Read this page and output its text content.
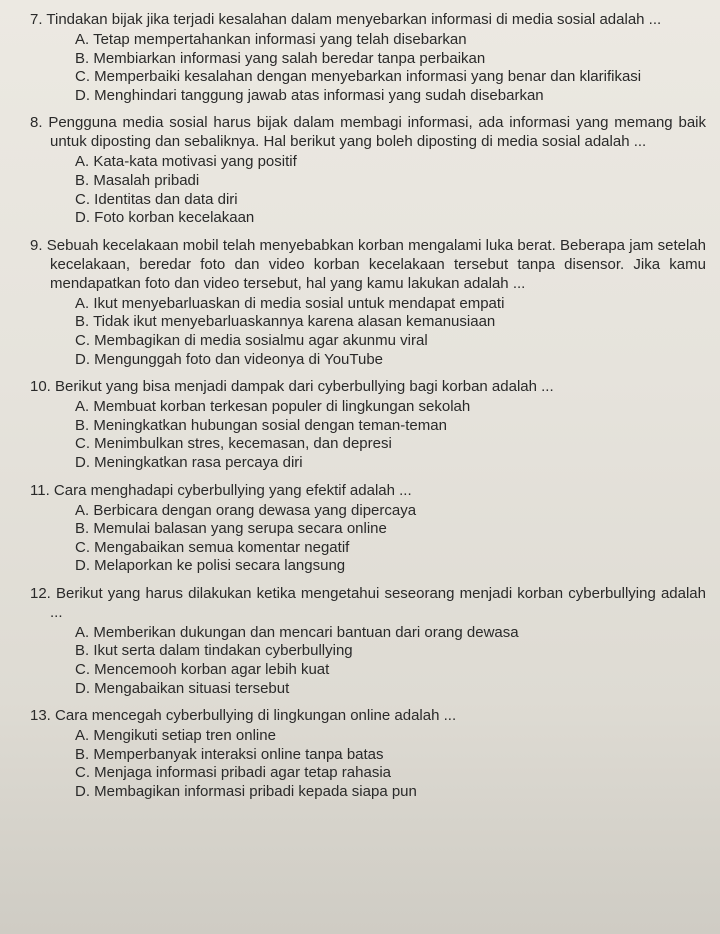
7. Tindakan bijak jika terjadi kesalahan dalam menyebarkan informasi di media sosial adalah ...
A. Tetap mempertahankan informasi yang telah disebarkan
B. Membiarkan informasi yang salah beredar tanpa perbaikan
C. Memperbaiki kesalahan dengan menyebarkan informasi yang benar dan klarifikasi
D. Menghindari tanggung jawab atas informasi yang sudah disebarkan
8. Pengguna media sosial harus bijak dalam membagi informasi, ada informasi yang memang baik untuk diposting dan sebaliknya. Hal berikut yang boleh diposting di media sosial adalah ...
A. Kata-kata motivasi yang positif
B. Masalah pribadi
C. Identitas dan data diri
D. Foto korban kecelakaan
9. Sebuah kecelakaan mobil telah menyebabkan korban mengalami luka berat. Beberapa jam setelah kecelakaan, beredar foto dan video korban kecelakaan tersebut tanpa disensor. Jika kamu mendapatkan foto dan video tersebut, hal yang kamu lakukan adalah ...
A. Ikut menyebarluaskan di media sosial untuk mendapat empati
B. Tidak ikut menyebarluaskannya karena alasan kemanusiaan
C. Membagikan di media sosialmu agar akunmu viral
D. Mengunggah foto dan videonya di YouTube
10. Berikut yang bisa menjadi dampak dari cyberbullying bagi korban adalah ...
A. Membuat korban terkesan populer di lingkungan sekolah
B. Meningkatkan hubungan sosial dengan teman-teman
C. Menimbulkan stres, kecemasan, dan depresi
D. Meningkatkan rasa percaya diri
11. Cara menghadapi cyberbullying yang efektif adalah ...
A. Berbicara dengan orang dewasa yang dipercaya
B. Memulai balasan yang serupa secara online
C. Mengabaikan semua komentar negatif
D. Melaporkan ke polisi secara langsung
12. Berikut yang harus dilakukan ketika mengetahui seseorang menjadi korban cyberbullying adalah ...
A. Memberikan dukungan dan mencari bantuan dari orang dewasa
B. Ikut serta dalam tindakan cyberbullying
C. Mencemooh korban agar lebih kuat
D. Mengabaikan situasi tersebut
13. Cara mencegah cyberbullying di lingkungan online adalah ...
A. Mengikuti setiap tren online
B. Memperbanyak interaksi online tanpa batas
C. Menjaga informasi pribadi agar tetap rahasia
D. Membagikan informasi pribadi kepada siapa pun
